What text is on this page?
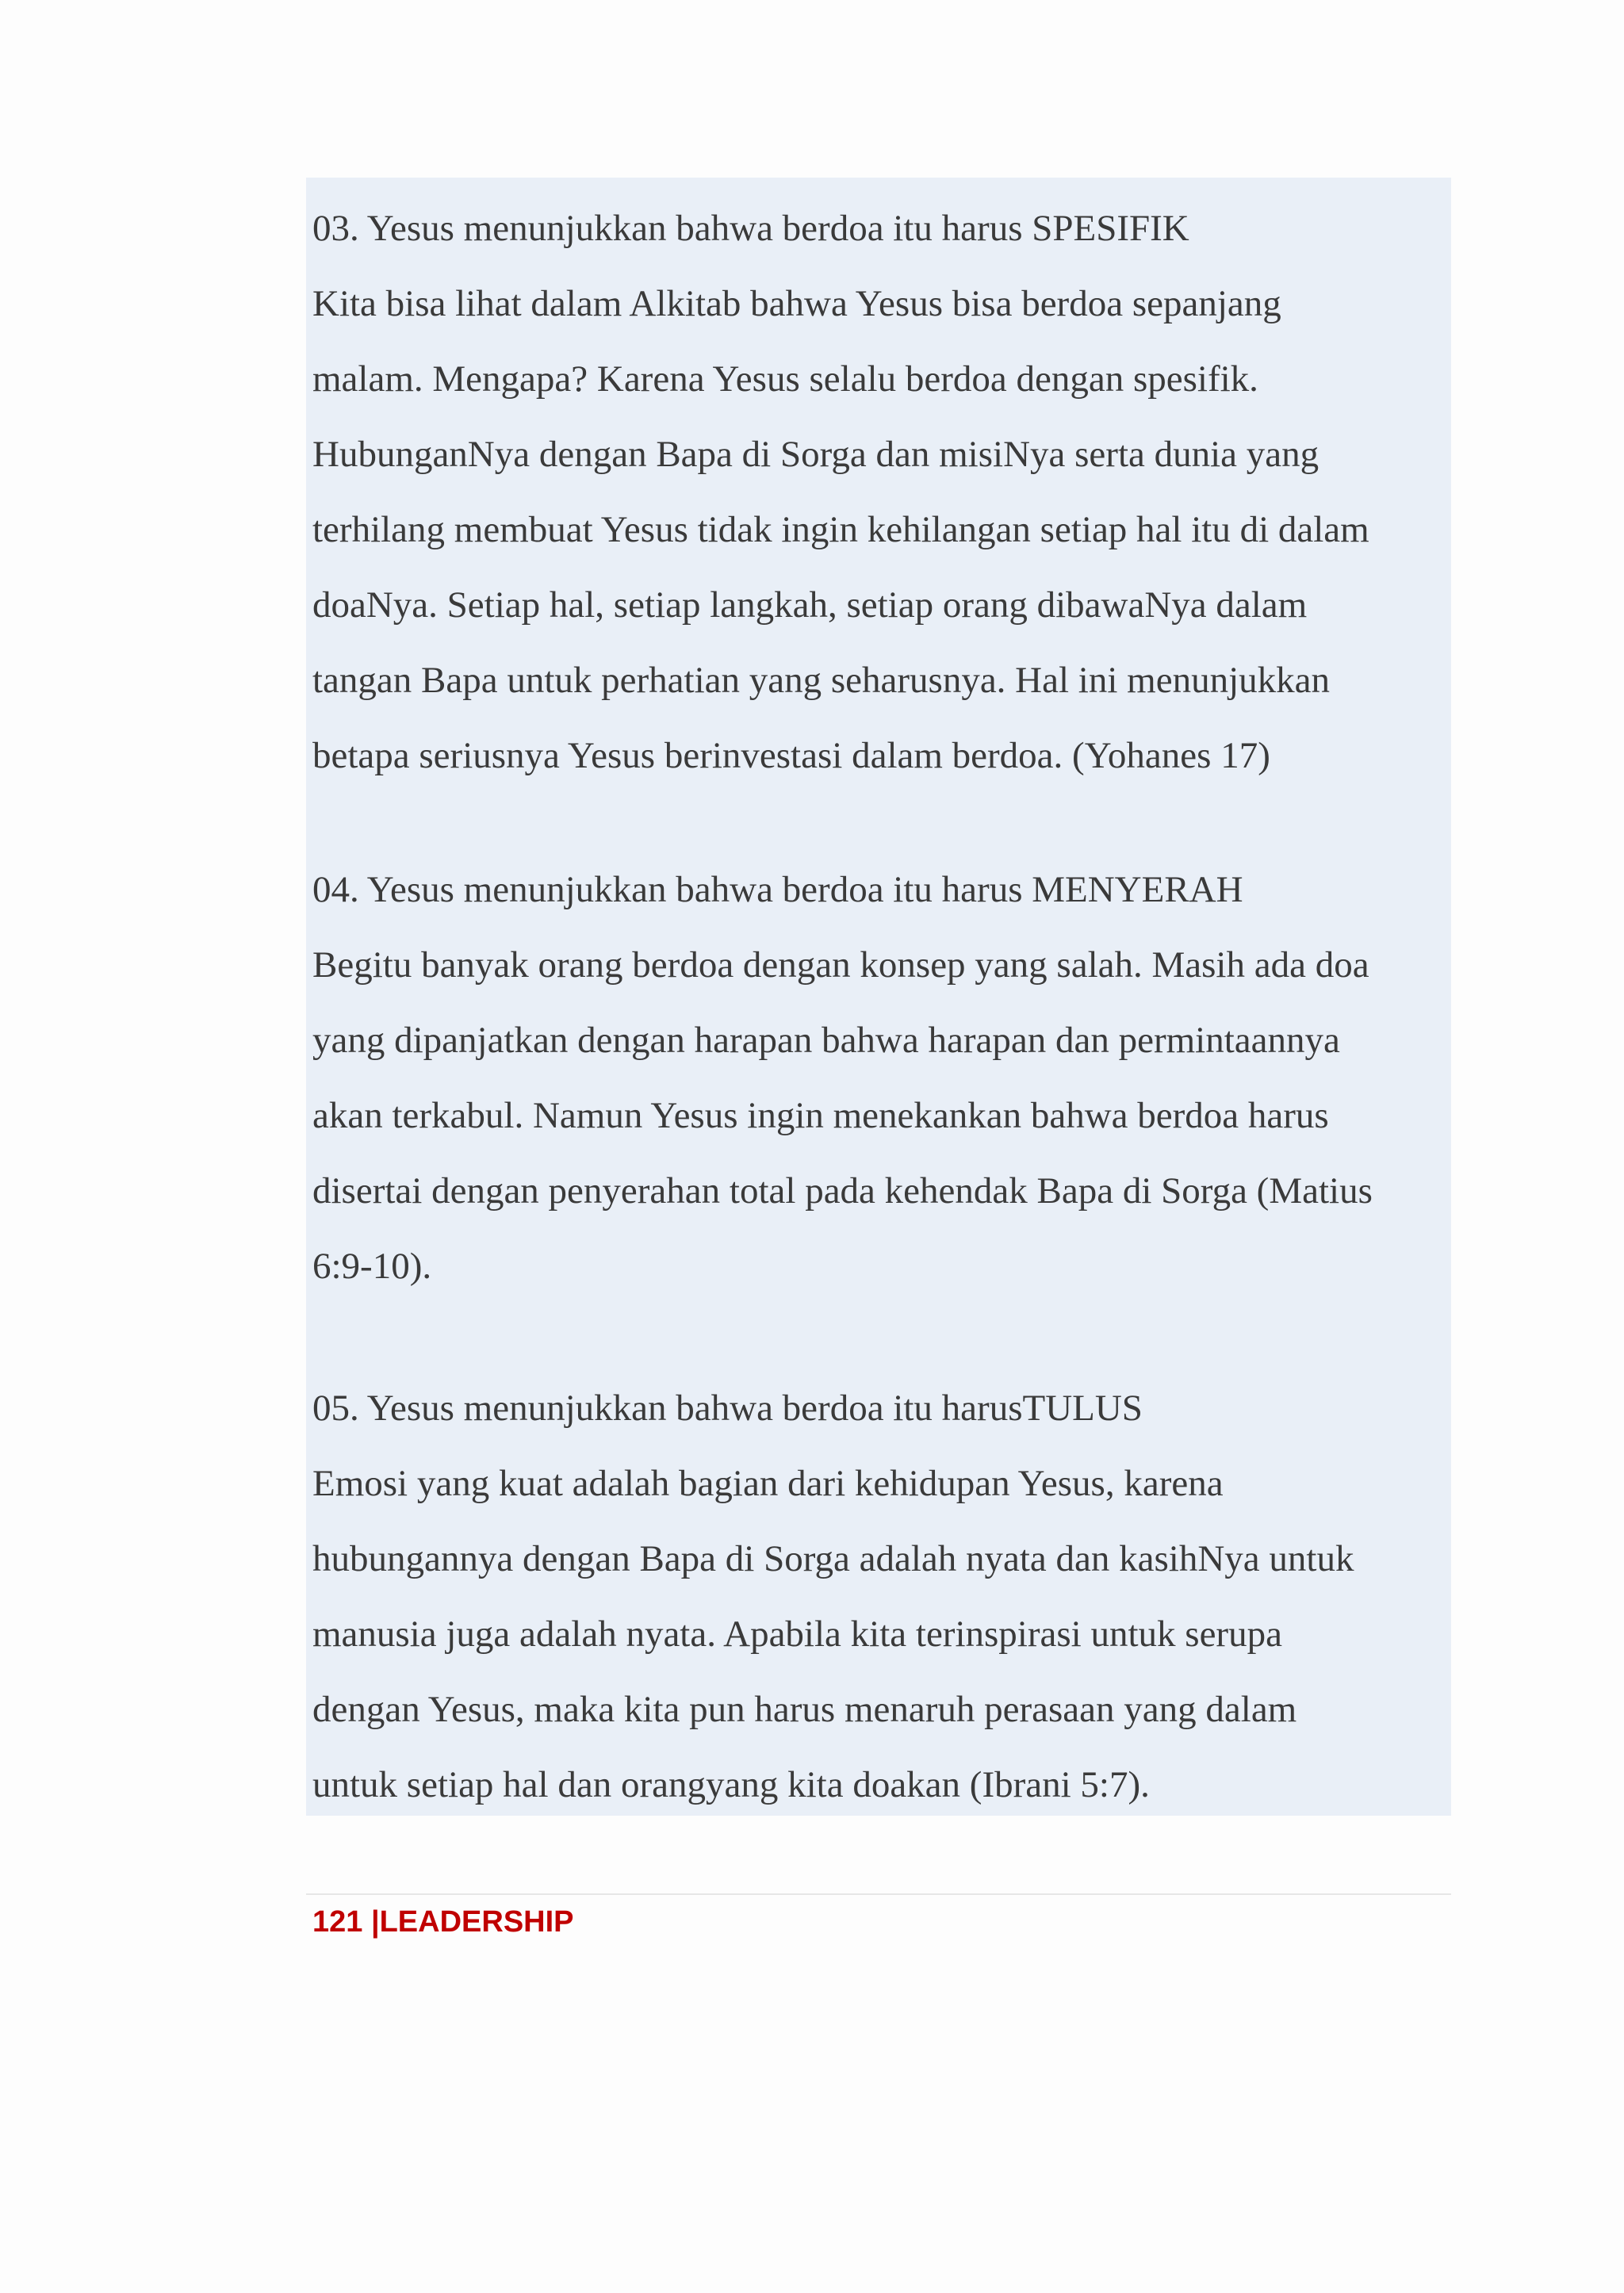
03. Yesus menunjukkan bahwa berdoa itu harus SPESIFIK
Kita bisa lihat dalam Alkitab bahwa Yesus bisa berdoa sepanjang
malam. Mengapa? Karena Yesus selalu berdoa dengan spesifik.
HubunganNya dengan Bapa di Sorga dan misiNya serta dunia yang
terhilang membuat Yesus tidak ingin kehilangan setiap hal itu di dalam
doaNya. Setiap hal, setiap langkah, setiap orang dibawaNya dalam
tangan Bapa untuk perhatian yang seharusnya. Hal ini menunjukkan
betapa seriusnya Yesus berinvestasi dalam berdoa. (Yohanes 17)

04. Yesus menunjukkan bahwa berdoa itu harus MENYERAH
Begitu banyak orang berdoa dengan konsep yang salah. Masih ada doa
yang dipanjatkan dengan harapan bahwa harapan dan permintaannya
akan terkabul. Namun Yesus ingin menekankan bahwa berdoa harus
disertai dengan penyerahan total pada kehendak Bapa di Sorga (Matius
6:9-10).

05. Yesus menunjukkan bahwa berdoa itu harusTULUS
Emosi yang kuat adalah bagian dari kehidupan Yesus, karena
hubungannya dengan Bapa di Sorga adalah nyata dan kasihNya untuk
manusia juga adalah nyata. Apabila kita terinspirasi untuk serupa
dengan Yesus, maka kita pun harus menaruh perasaan yang dalam
untuk setiap hal dan orangyang kita doakan (Ibrani 5:7).

121 |LEADERSHIP
